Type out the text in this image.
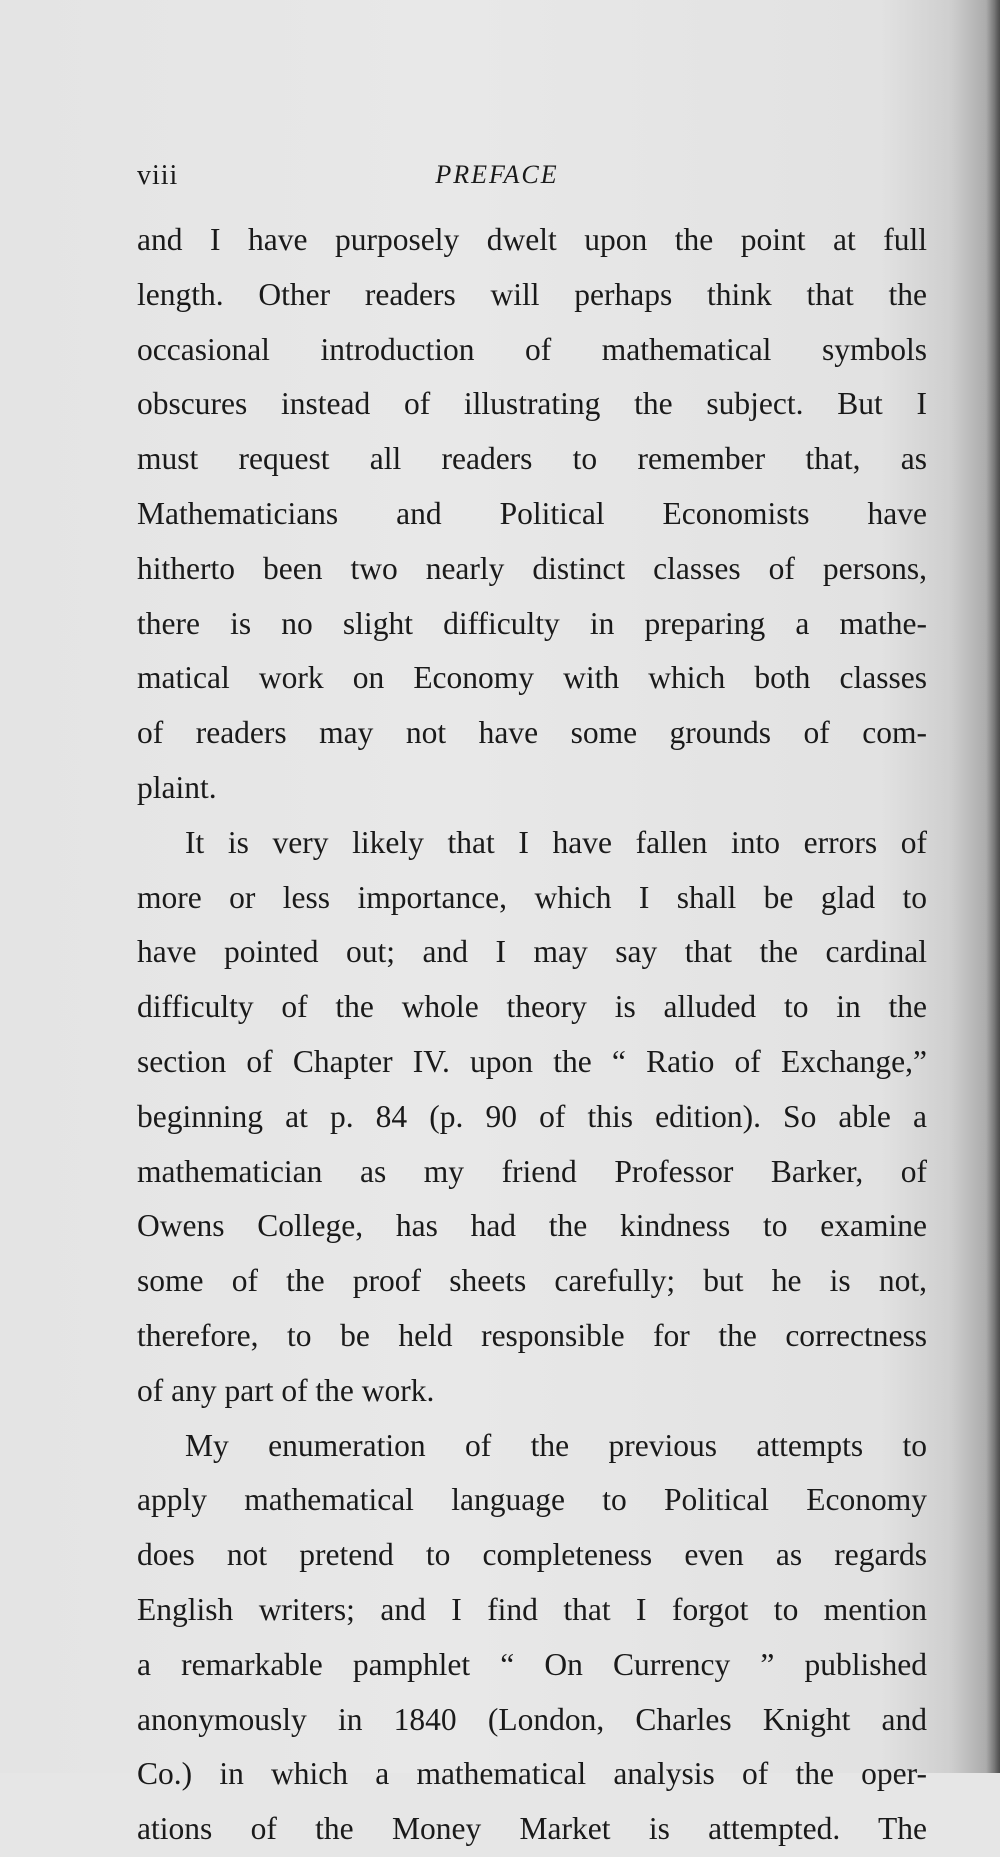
viii	PREFACE
and I have purposely dwelt upon the point at full
length. Other readers will perhaps think that the
occasional introduction of mathematical symbols
obscures instead of illustrating the subject. But I
must request all readers to remember that, as
Mathematicians and Political Economists have
hitherto been two nearly distinct classes of persons,
there is no slight difficulty in preparing a mathe-
matical work on Economy with which both classes
of readers may not have some grounds of com-
plaint.
It is very likely that I have fallen into errors of
more or less importance, which I shall be glad to
have pointed out; and I may say that the cardinal
difficulty of the whole theory is alluded to in the
section of Chapter IV. upon the “ Ratio of Exchange,”
beginning at p. 84 (p. 90 of this edition). So able a
mathematician as my friend Professor Barker, of
Owens College, has had the kindness to examine
some of the proof sheets carefully; but he is not,
therefore, to be held responsible for the correctness
of any part of the work.
My enumeration of the previous attempts to
apply mathematical language to Political Economy
does not pretend to completeness even as regards
English writers; and I find that I forgot to mention
a remarkable pamphlet “ On Currency ” published
anonymously in 1840 (London, Charles Knight and
Co.) in which a mathematical analysis of the oper-
ations of the Money Market is attempted. The
